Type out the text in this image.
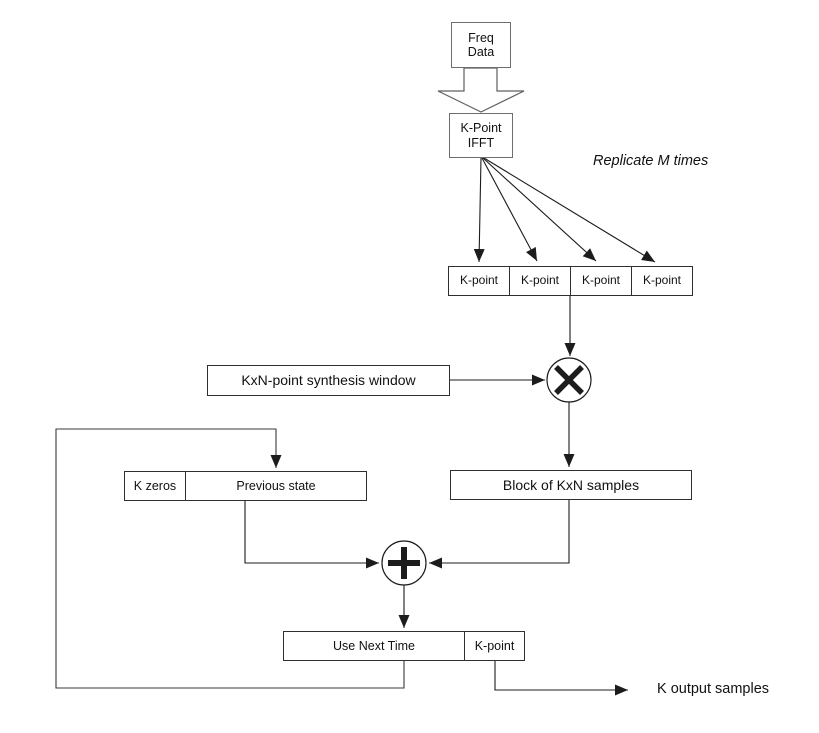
Freq
Data
K-Point
IFFT
Replicate M times
K-point	K-point	K-point	K-point
KxN-point synthesis window
K zeros	Previous state	Block of KxN samples
Use Next Time	K-point
K output samples
